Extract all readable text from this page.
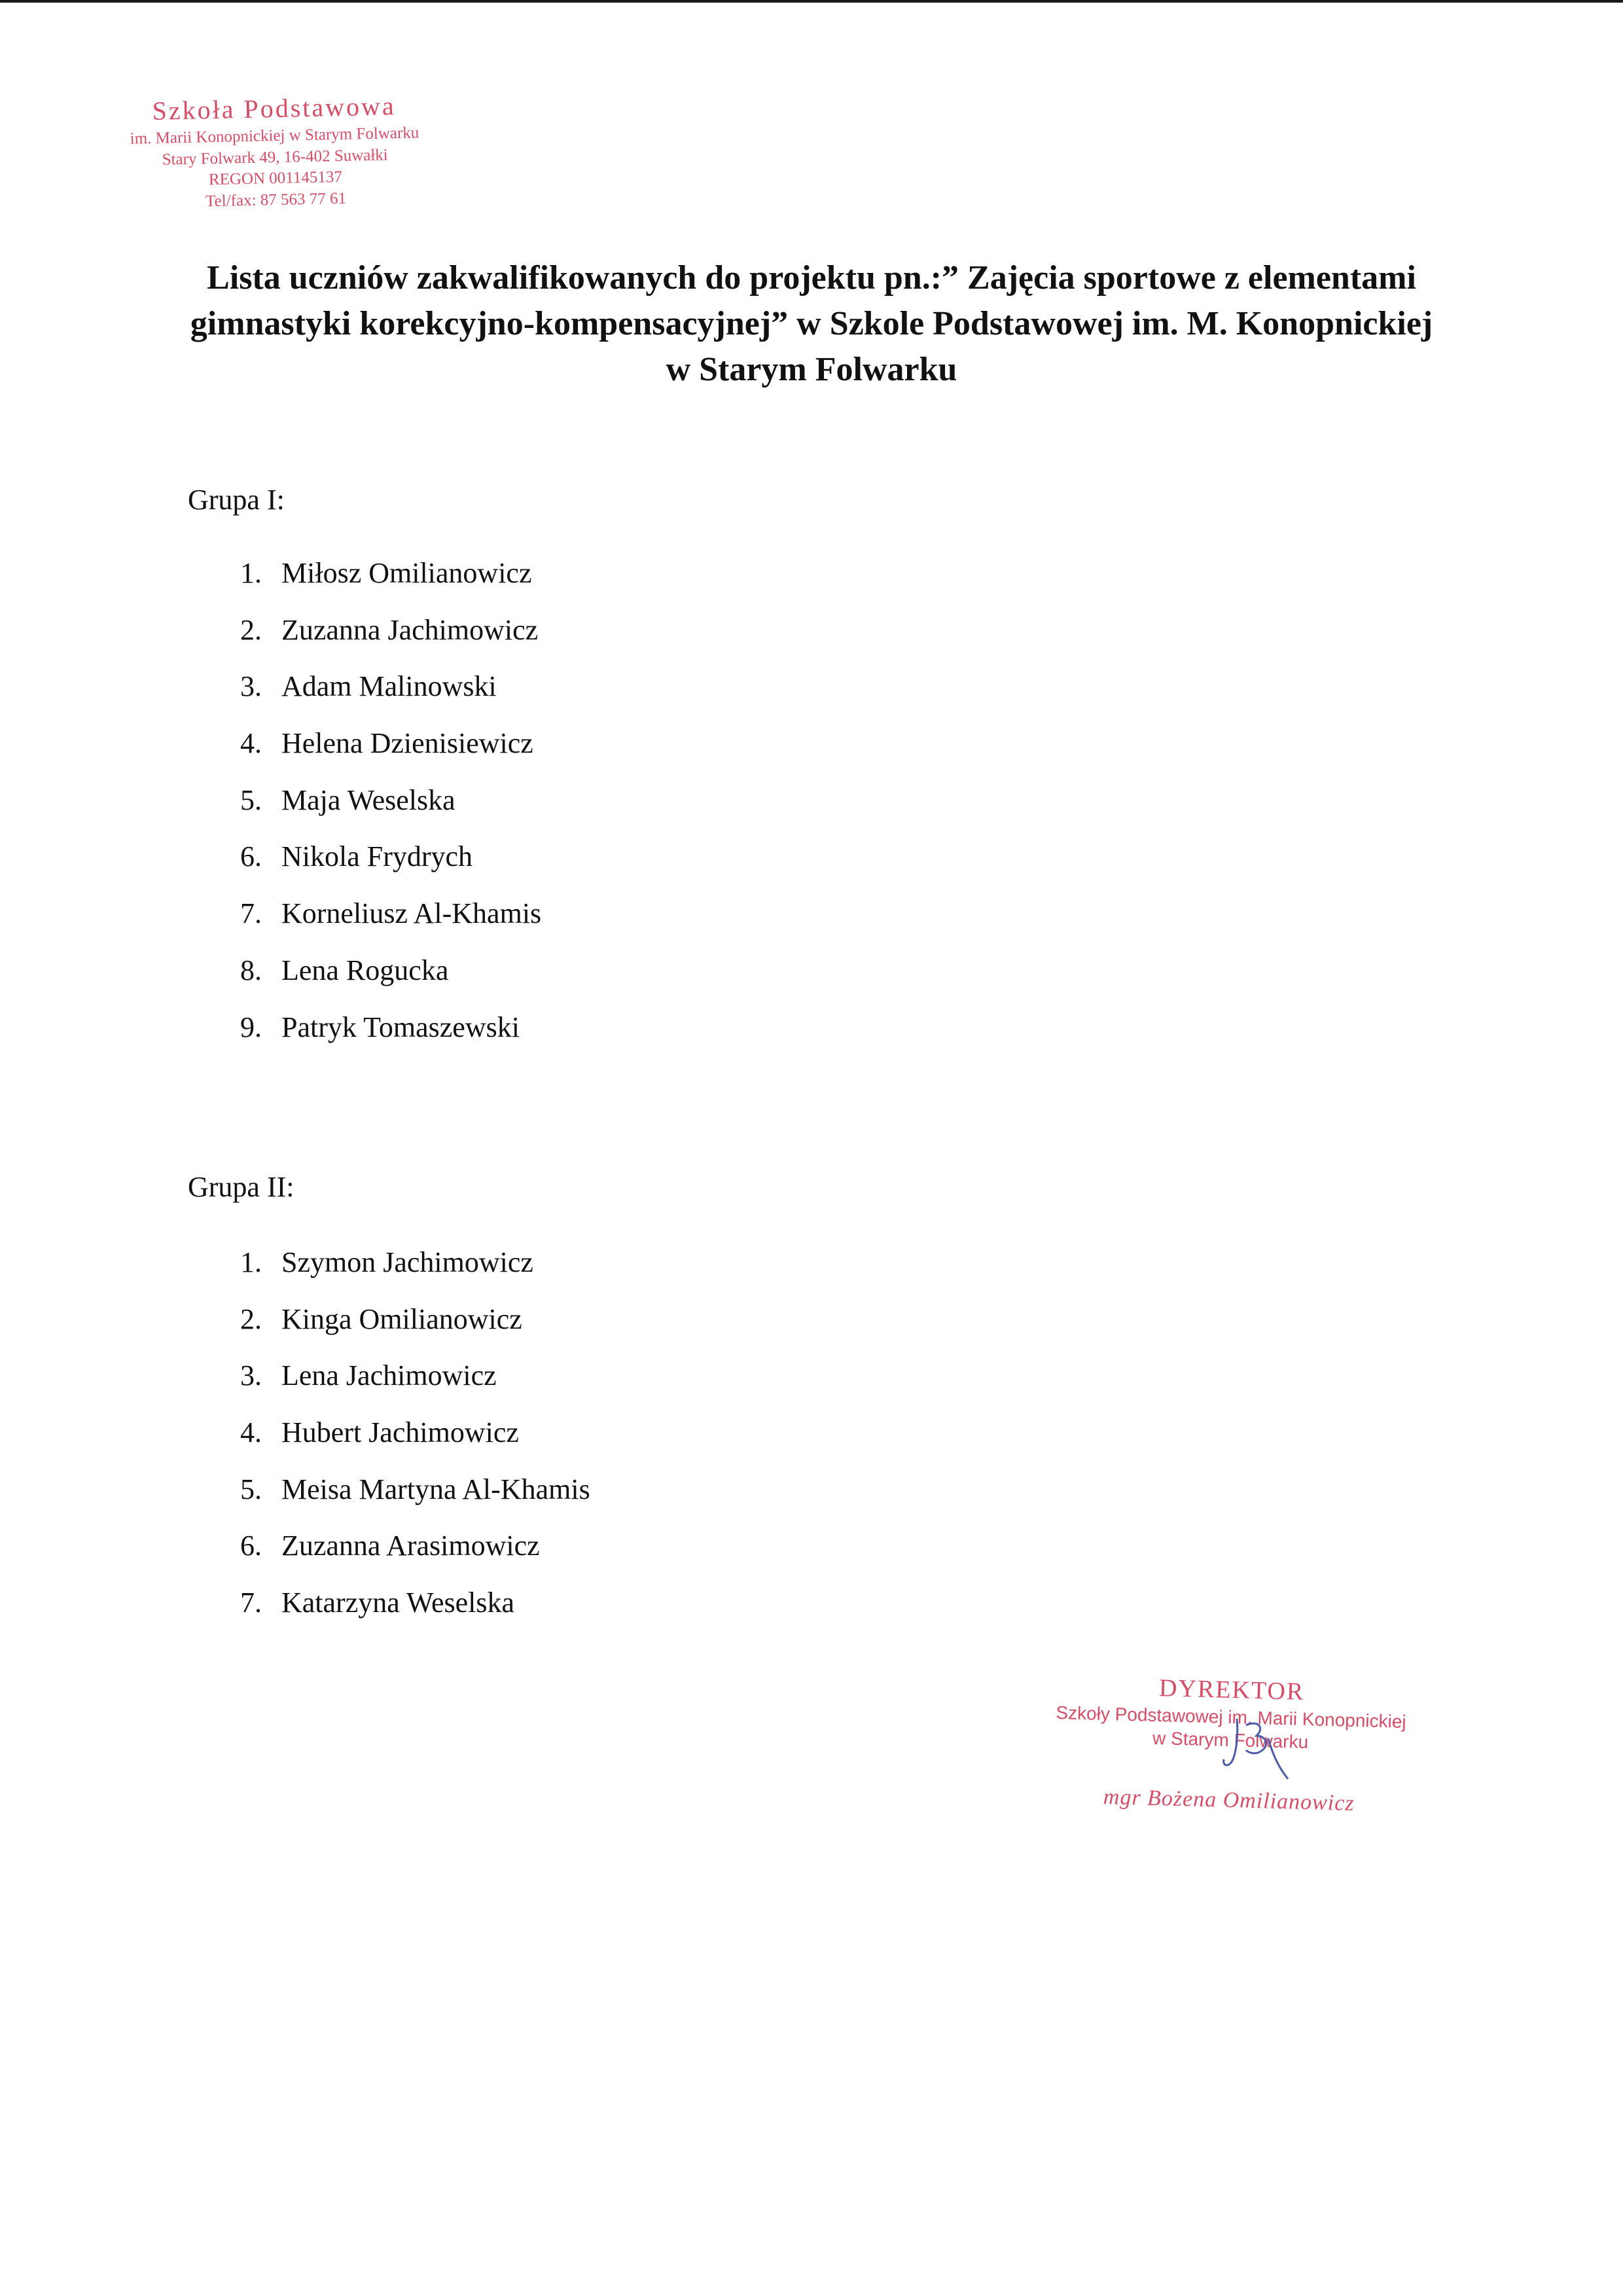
Szkoła Podstawowa
im. Marii Konopnickiej w Starym Folwarku
Stary Folwark 49, 16-402 Suwałki
REGON 001145137
Tel/fax: 87 563 77 61
Lista uczniów zakwalifikowanych do projektu pn.:” Zajęcia sportowe z elementami gimnastyki korekcyjno-kompensacyjnej” w Szkole Podstawowej im. M. Konopnickiej w Starym Folwarku
Grupa I:
1. Miłosz Omilianowicz
2. Zuzanna Jachimowicz
3. Adam Malinowski
4. Helena Dzienisiewicz
5. Maja Weselska
6. Nikola Frydrych
7. Korneliusz Al-Khamis
8. Lena Rogucka
9. Patryk Tomaszewski
Grupa II:
1. Szymon Jachimowicz
2. Kinga Omilianowicz
3. Lena Jachimowicz
4. Hubert Jachimowicz
5. Meisa Martyna Al-Khamis
6. Zuzanna Arasimowicz
7. Katarzyna Weselska
DYREKTOR
Szkoły Podstawowej im. Marii Konopnickiej
w Starym Folwarku
mgr Bożena Omilianowicz
